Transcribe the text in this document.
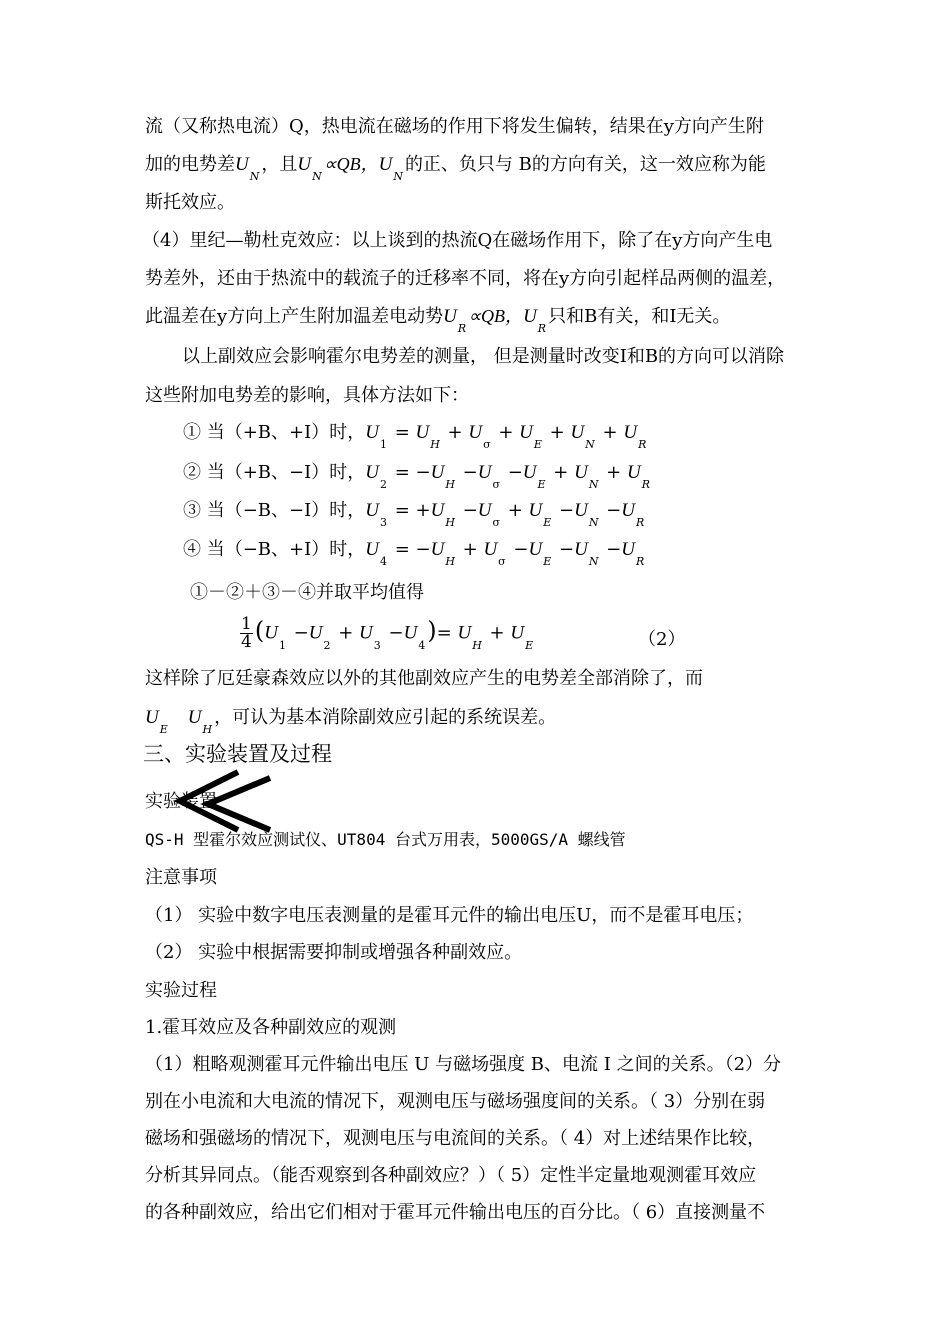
流（又称热电流）Q，热电流在磁场的作用下将发生偏转，结果在y方向产生附
加的电势差$U_N$，且$U_N\propto QB$，$U_N$的正、负只与 B的方向有关，这一效应称为能
斯托效应。
（4）里纪—勒杜克效应：以上谈到的热流Q在磁场作用下，除了在y方向产生电
势差外，还由于热流中的载流子的迁移率不同，将在y方向引起样品两侧的温差，
此温差在y方向上产生附加温差电动势$U_R\propto QB$，$U_R$只和B有关，和I无关。
以上副效应会影响霍尔电势差的测量， 但是测量时改变I和B的方向可以消除
这些附加电势差的影响，具体方法如下：
① 当（+B、+I）时，$U_1 = U_H + U_\sigma + U_E + U_N + U_R$
② 当（+B、−I）时，$U_2 = -U_H -U_\sigma -U_E + U_N + U_R$
③ 当（−B、−I）时，$U_3 = +U_H -U_\sigma + U_E -U_N -U_R$
④ 当（−B、+I）时，$U_4 = -U_H + U_\sigma -U_E -U_N -U_R$
①－②＋③－④并取平均值得
$\frac{1}{4} (U_1 -U_2 + U_3 -U_4)= U_H + U_E$	（2）
这样除了厄廷豪森效应以外的其他副效应产生的电势差全部消除了，而
$U_EU_H$，可认为基本消除副效应引起的系统误差。
三、实验装置及过程
实验装置
QS-H 型霍尔效应测试仪、UT804 台式万用表，5000GS/A 螺线管
注意事项
（1） 实验中数字电压表测量的是霍耳元件的输出电压U，而不是霍耳电压；
（2） 实验中根据需要抑制或增强各种副效应。
实验过程
1.霍耳效应及各种副效应的观测
（1）粗略观测霍耳元件输出电压 U 与磁场强度 B、电流 I 之间的关系。（2）分
别在小电流和大电流的情况下，观测电压与磁场强度间的关系。（ 3）分别在弱
磁场和强磁场的情况下，观测电压与电流间的关系。（ 4）对上述结果作比较，
分析其异同点。（能否观察到各种副效应？）（ 5）定性半定量地观测霍耳效应
的各种副效应，给出它们相对于霍耳元件输出电压的百分比。（ 6）直接测量不
